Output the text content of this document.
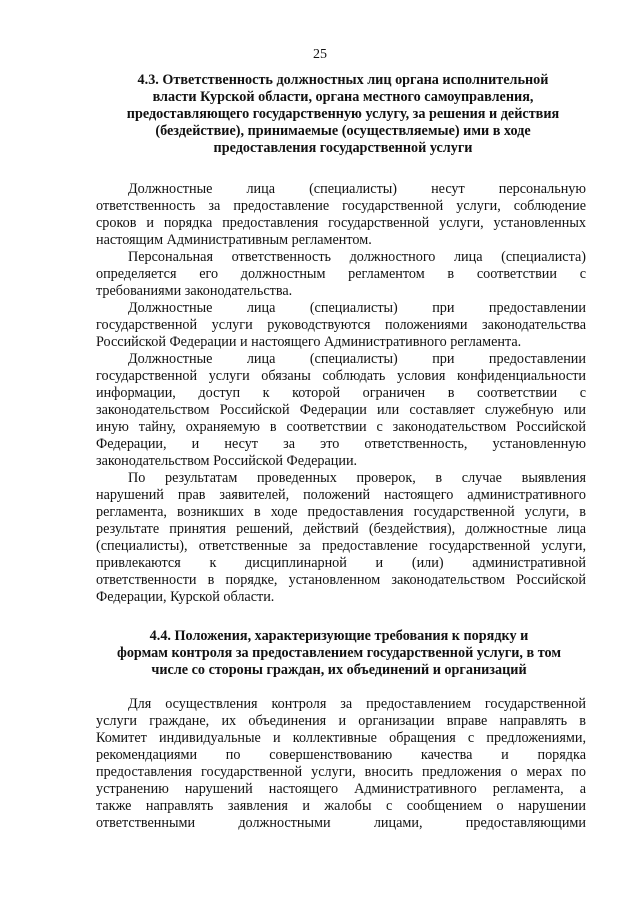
25
4.3. Ответственность должностных лиц органа исполнительной
власти Курской области, органа местного самоуправления,
предоставляющего государственную услугу, за решения и действия
(бездействие), принимаемые (осуществляемые) ими в ходе
предоставления государственной услуги
Должностные лица (специалисты) несут персональную
ответственность за предоставление государственной услуги, соблюдение
сроков и порядка предоставления государственной услуги, установленных
настоящим Административным регламентом.
Персональная ответственность должностного лица (специалиста)
определяется его должностным регламентом в соответствии с
требованиями законодательства.
Должностные лица (специалисты) при предоставлении
государственной услуги руководствуются положениями законодательства
Российской Федерации и настоящего Административного регламента.
Должностные лица (специалисты) при предоставлении
государственной услуги обязаны соблюдать условия конфиденциальности
информации, доступ к которой ограничен в соответствии с
законодательством Российской Федерации или составляет служебную или
иную тайну, охраняемую в соответствии с законодательством Российской
Федерации, и несут за это ответственность, установленную
законодательством Российской Федерации.
По результатам проведенных проверок, в случае выявления
нарушений прав заявителей, положений настоящего административного
регламента, возникших в ходе предоставления государственной услуги, в
результате принятия решений, действий (бездействия), должностные лица
(специалисты), ответственные за предоставление государственной услуги,
привлекаются к дисциплинарной и (или) административной
ответственности в порядке, установленном законодательством Российской
Федерации, Курской области.
4.4. Положения, характеризующие требования к порядку и
формам контроля за предоставлением государственной услуги, в том
числе со стороны граждан, их объединений и организаций
Для осуществления контроля за предоставлением государственной
услуги граждане, их объединения и организации вправе направлять в
Комитет индивидуальные и коллективные обращения с предложениями,
рекомендациями по совершенствованию качества и порядка
предоставления государственной услуги, вносить предложения о мерах по
устранению нарушений настоящего Административного регламента, а
также направлять заявления и жалобы с сообщением о нарушении
ответственными должностными лицами, предоставляющими
